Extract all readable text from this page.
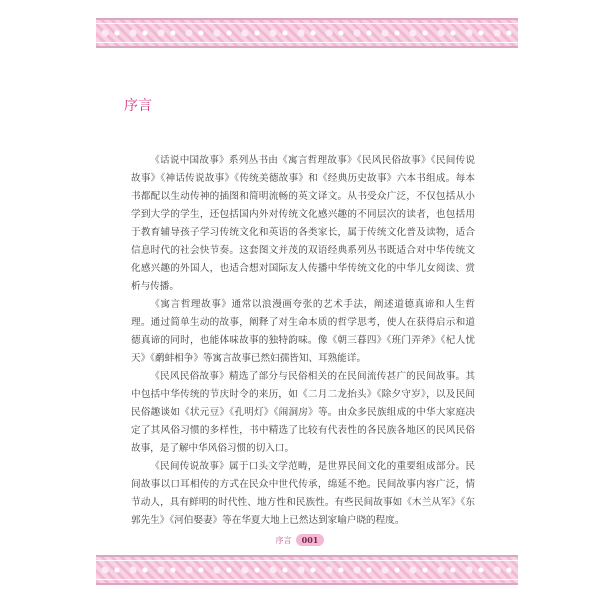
序言

《话说中国故事》系列丛书由《寓言哲理故事》《民风民俗故事》《民间传说故事》《神话传说故事》《传统美德故事》和《经典历史故事》六本书组成。每本书都配以生动传神的插图和简明流畅的英文译文。从书受众广泛，不仅包括从小学到大学的学生，还包括国内外对传统文化感兴趣的不同层次的读者，也包括用于教育辅导孩子学习传统文化和英语的各类家长，属于传统文化普及读物，适合信息时代的社会快节奏。这套图文并茂的双语经典系列丛书既适合对中华传统文化感兴趣的外国人，也适合想对国际友人传播中华传统文化的中华儿女阅读、赏析与传播。

《寓言哲理故事》通常以浪漫画夸张的艺术手法，阐述道德真谛和人生哲理。通过简单生动的故事，阐释了对生命本质的哲学思考，使人在获得启示和道德真谛的同时，也能体味故事的独特韵味。像《朝三暮四》《班门弄斧》《杞人忧天》《鹬蚌相争》等寓言故事已然妇孺皆知、耳熟能详。

《民风民俗故事》精选了部分与民俗相关的在民间流传甚广的民间故事。其中包括中华传统的节庆时令的来历，如《二月二龙抬头》《除夕守岁》，以及民间民俗趣谈如《状元豆》《孔明灯》《闹洞房》等。由众多民族组成的中华大家庭决定了其风俗习惯的多样性，书中精选了比较有代表性的各民族各地区的民风民俗故事，是了解中华风俗习惯的切入口。

《民间传说故事》属于口头文学范畴，是世界民间文化的重要组成部分。民间故事以口耳相传的方式在民众中世代传承，绵延不绝。民间故事内容广泛，情节动人，具有鲜明的时代性、地方性和民族性。有些民间故事如《木兰从军》《东郭先生》《河伯娶妻》等在华夏大地上已然达到家喻户晓的程度。

序言	001
